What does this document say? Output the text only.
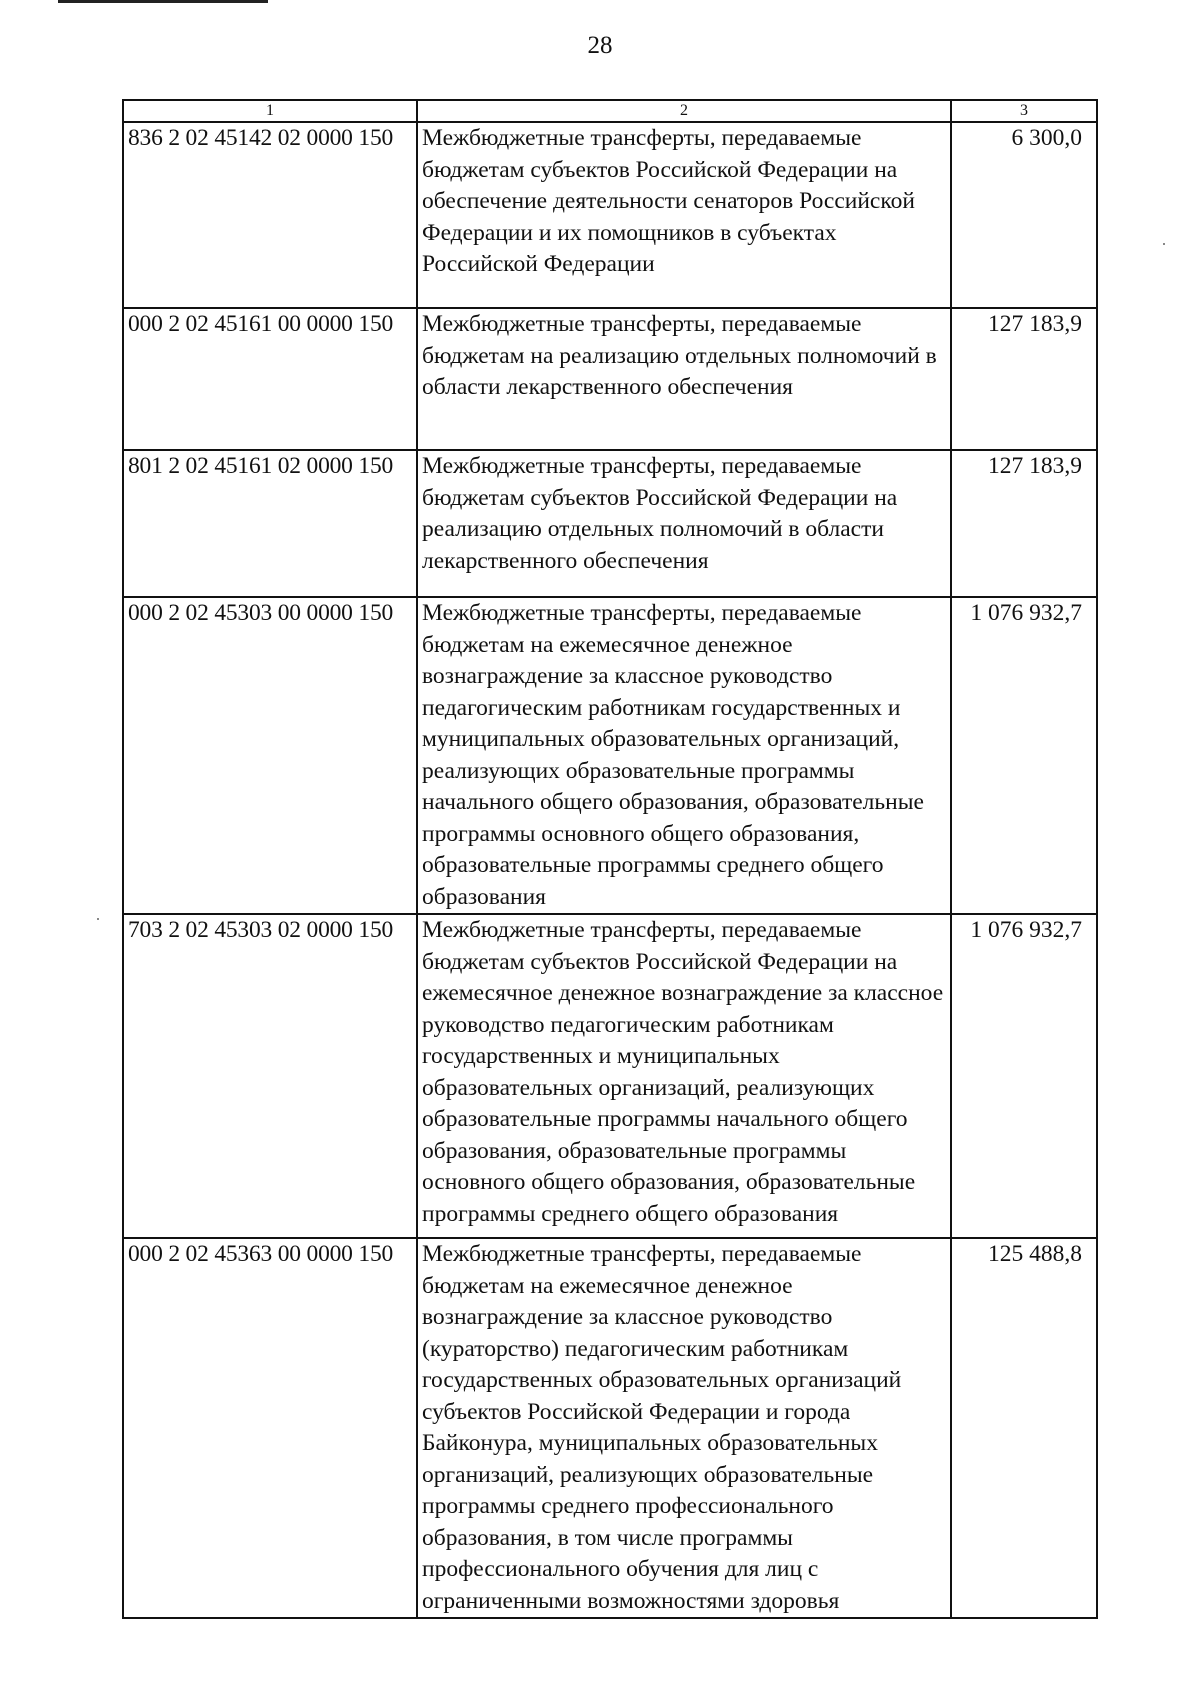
28
1	2	3
836 2 02 45142 02 0000 150	Межбюджетные трансферты, передаваемые бюджетам субъектов Российской Федерации на обеспечение деятельности сенаторов Российской Федерации и их помощников в субъектах Российской Федерации	6 300,0
000 2 02 45161 00 0000 150	Межбюджетные трансферты, передаваемые бюджетам на реализацию отдельных полномочий в области лекарственного обеспечения	127 183,9
801 2 02 45161 02 0000 150	Межбюджетные трансферты, передаваемые бюджетам субъектов Российской Федерации на реализацию отдельных полномочий в области лекарственного обеспечения	127 183,9
000 2 02 45303 00 0000 150	Межбюджетные трансферты, передаваемые бюджетам на ежемесячное денежное вознаграждение за классное руководство педагогическим работникам государственных и муниципальных образовательных организаций, реализующих образовательные программы начального общего образования, образовательные программы основного общего образования, образовательные программы среднего общего образования	1 076 932,7
703 2 02 45303 02 0000 150	Межбюджетные трансферты, передаваемые бюджетам субъектов Российской Федерации на ежемесячное денежное вознаграждение за классное руководство педагогическим работникам государственных и муниципальных образовательных организаций, реализующих образовательные программы начального общего образования, образовательные программы основного общего образования, образовательные программы среднего общего образования	1 076 932,7
000 2 02 45363 00 0000 150	Межбюджетные трансферты, передаваемые бюджетам на ежемесячное денежное вознаграждение за классное руководство (кураторство) педагогическим работникам государственных образовательных организаций субъектов Российской Федерации и города Байконура, муниципальных образовательных организаций, реализующих образовательные программы среднего профессионального образования, в том числе программы профессионального обучения для лиц с ограниченными возможностями здоровья	125 488,8
